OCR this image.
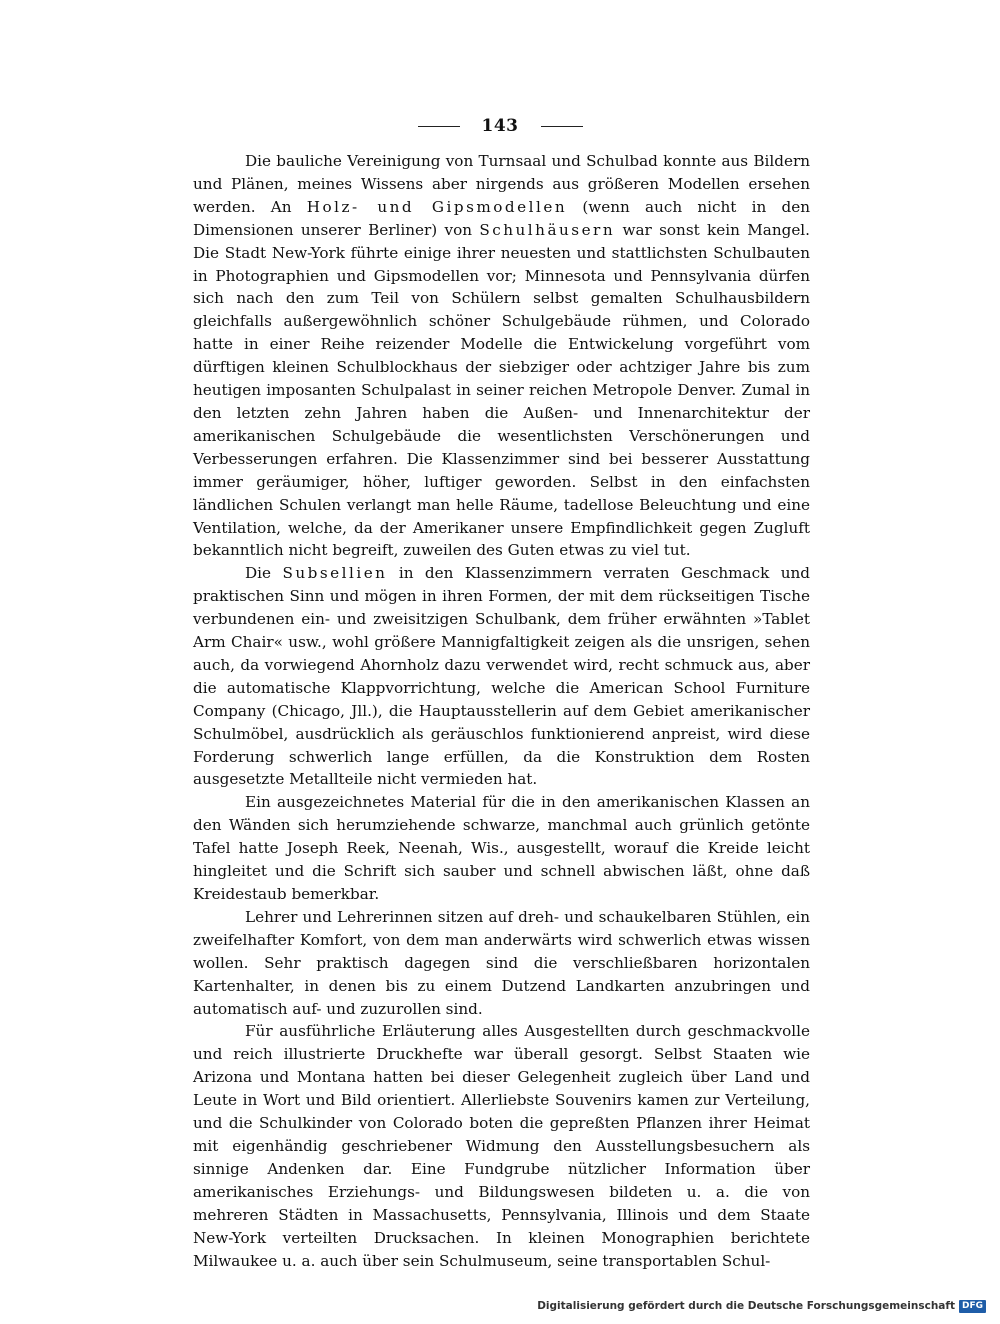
143

Die bauliche Vereinigung von Turnsaal und Schulbad konnte aus Bildern und Plänen, meines Wissens aber nirgends aus größeren Modellen ersehen werden. An Holz- und Gipsmodellen (wenn auch nicht in den Dimensionen unserer Berliner) von Schulhäusern war sonst kein Mangel. Die Stadt New-York führte einige ihrer neuesten und stattlichsten Schulbauten in Photographien und Gipsmodellen vor; Minnesota und Pennsylvania dürfen sich nach den zum Teil von Schülern selbst gemalten Schulhausbildern gleichfalls außergewöhnlich schöner Schulgebäude rühmen, und Colorado hatte in einer Reihe reizender Modelle die Entwickelung vorgeführt vom dürftigen kleinen Schulblockhaus der siebziger oder achtziger Jahre bis zum heutigen imposanten Schulpalast in seiner reichen Metropole Denver. Zumal in den letzten zehn Jahren haben die Außen- und Innenarchitektur der amerikanischen Schulgebäude die wesentlichsten Verschönerungen und Verbesserungen erfahren. Die Klassenzimmer sind bei besserer Ausstattung immer geräumiger, höher, luftiger geworden. Selbst in den einfachsten ländlichen Schulen verlangt man helle Räume, tadellose Beleuchtung und eine Ventilation, welche, da der Amerikaner unsere Empfindlichkeit gegen Zugluft bekanntlich nicht begreift, zuweilen des Guten etwas zu viel tut.

Die Subsellien in den Klassenzimmern verraten Geschmack und praktischen Sinn und mögen in ihren Formen, der mit dem rückseitigen Tische verbundenen ein- und zweisitzigen Schulbank, dem früher erwähnten »Tablet Arm Chair« usw., wohl größere Mannigfaltigkeit zeigen als die unsrigen, sehen auch, da vorwiegend Ahornholz dazu verwendet wird, recht schmuck aus, aber die automatische Klappvorrichtung, welche die American School Furniture Company (Chicago, Jll.), die Hauptausstellerin auf dem Gebiet amerikanischer Schulmöbel, ausdrücklich als geräuschlos funktionierend anpreist, wird diese Forderung schwerlich lange erfüllen, da die Konstruktion dem Rosten ausgesetzte Metallteile nicht vermieden hat.

Ein ausgezeichnetes Material für die in den amerikanischen Klassen an den Wänden sich herumziehende schwarze, manchmal auch grünlich getönte Tafel hatte Joseph Reek, Neenah, Wis., ausgestellt, worauf die Kreide leicht hingleitet und die Schrift sich sauber und schnell abwischen läßt, ohne daß Kreidestaub bemerkbar.

Lehrer und Lehrerinnen sitzen auf dreh- und schaukelbaren Stühlen, ein zweifelhafter Komfort, von dem man anderwärts wird schwerlich etwas wissen wollen. Sehr praktisch dagegen sind die verschließbaren horizontalen Kartenhalter, in denen bis zu einem Dutzend Landkarten anzubringen und automatisch auf- und zuzurollen sind.

Für ausführliche Erläuterung alles Ausgestellten durch geschmackvolle und reich illustrierte Druckhefte war überall gesorgt. Selbst Staaten wie Arizona und Montana hatten bei dieser Gelegenheit zugleich über Land und Leute in Wort und Bild orientiert. Allerliebste Souvenirs kamen zur Verteilung, und die Schulkinder von Colorado boten die gepreßten Pflanzen ihrer Heimat mit eigenhändig geschriebener Widmung den Ausstellungsbesuchern als sinnige Andenken dar. Eine Fundgrube nützlicher Information über amerikanisches Erziehungs- und Bildungswesen bildeten u. a. die von mehreren Städten in Massachusetts, Pennsylvania, Illinois und dem Staate New-York verteilten Drucksachen. In kleinen Monographien berichtete Milwaukee u. a. auch über sein Schulmuseum, seine transportablen Schul-

Digitalisierung gefördert durch die Deutsche Forschungsgemeinschaft DFG
